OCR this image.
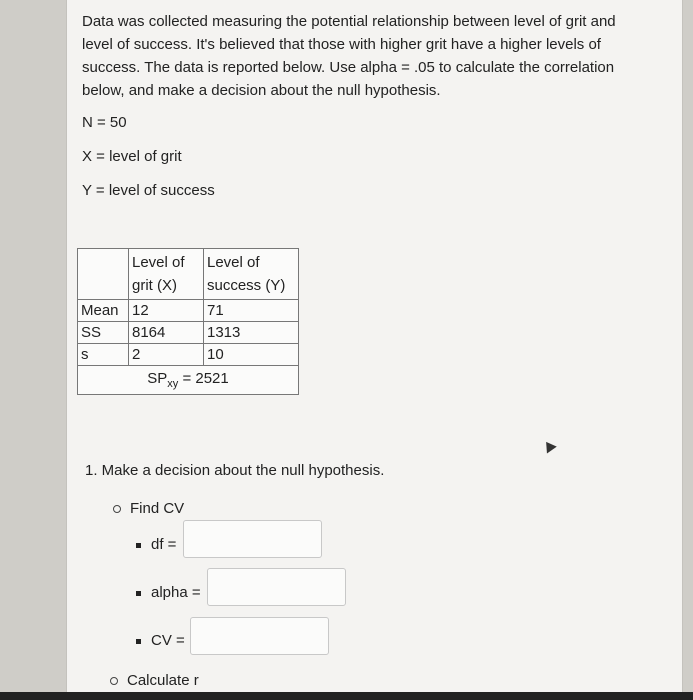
Data was collected measuring the potential relationship between level of grit and level of success. It's believed that those with higher grit have a higher levels of success. The data is reported below. Use alpha = .05 to calculate the correlation below, and make a decision about the null hypothesis.
N = 50
X = level of grit
Y = level of success
	Level of grit (X)	Level of success (Y)
Mean	12	71
SS	8164	1313
s	2	10
$SP_{xy} = 2521$		
1. Make a decision about the null hypothesis.
Find CV
df =
alpha =
CV =
Calculate r
